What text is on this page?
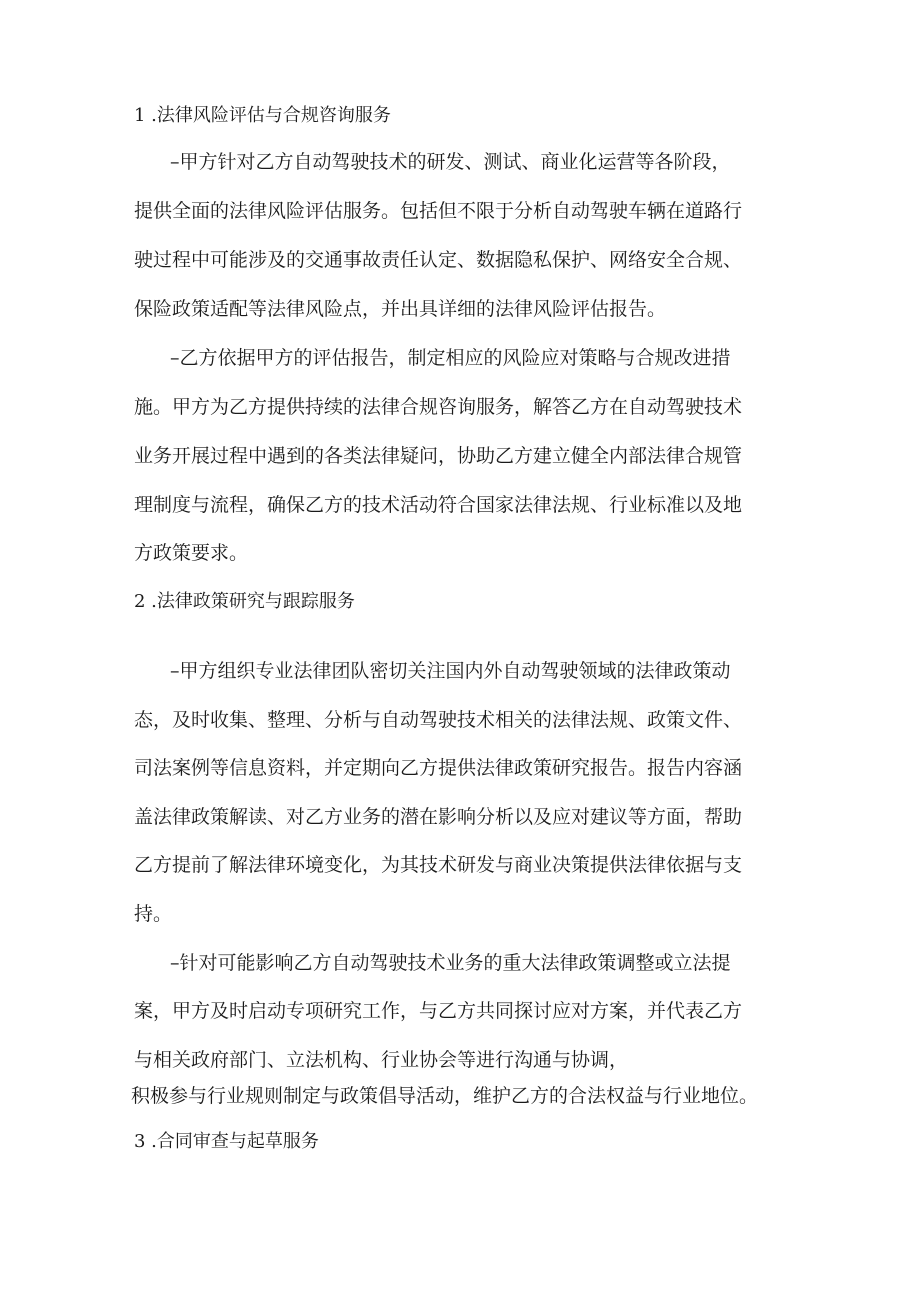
1 .法律风险评估与合规咨询服务
–甲方针对乙方自动驾驶技术的研发、测试、商业化运营等各阶段，
提供全面的法律风险评估服务。包括但不限于分析自动驾驶车辆在道路行
驶过程中可能涉及的交通事故责任认定、数据隐私保护、网络安全合规、
保险政策适配等法律风险点，并出具详细的法律风险评估报告。
–乙方依据甲方的评估报告，制定相应的风险应对策略与合规改进措
施。甲方为乙方提供持续的法律合规咨询服务，解答乙方在自动驾驶技术
业务开展过程中遇到的各类法律疑问，协助乙方建立健全内部法律合规管
理制度与流程，确保乙方的技术活动符合国家法律法规、行业标准以及地
方政策要求。
2 .法律政策研究与跟踪服务
–甲方组织专业法律团队密切关注国内外自动驾驶领域的法律政策动
态，及时收集、整理、分析与自动驾驶技术相关的法律法规、政策文件、
司法案例等信息资料，并定期向乙方提供法律政策研究报告。报告内容涵
盖法律政策解读、对乙方业务的潜在影响分析以及应对建议等方面，帮助
乙方提前了解法律环境变化，为其技术研发与商业决策提供法律依据与支
持。
–针对可能影响乙方自动驾驶技术业务的重大法律政策调整或立法提
案，甲方及时启动专项研究工作，与乙方共同探讨应对方案，并代表乙方
与相关政府部门、立法机构、行业协会等进行沟通与协调，
积极参与行业规则制定与政策倡导活动，维护乙方的合法权益与行业地位。
3 .合同审查与起草服务
